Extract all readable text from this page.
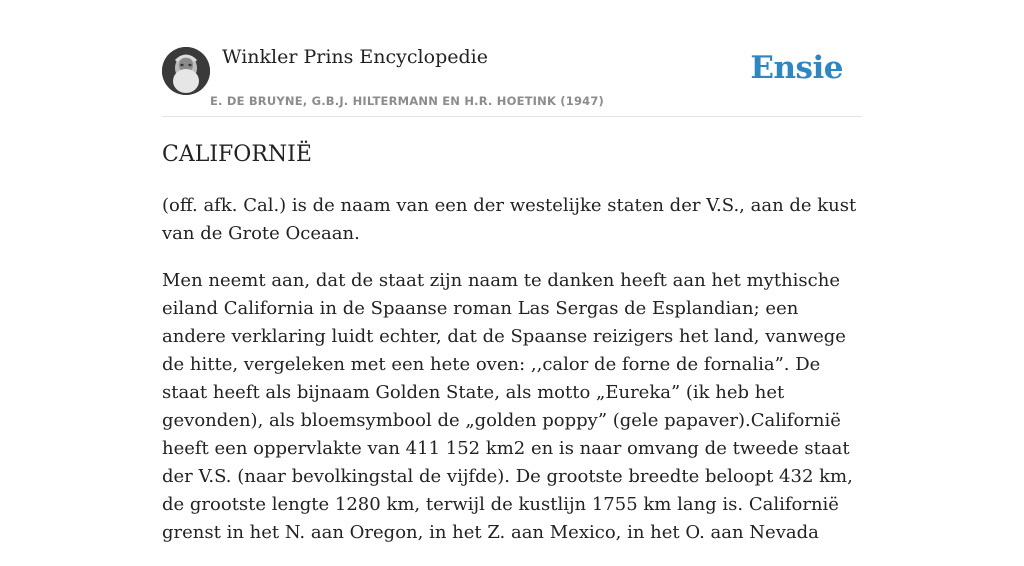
Winkler Prins Encyclopedie
E. DE BRUYNE, G.B.J. HILTERMANN EN H.R. HOETINK (1947)
Ensie
CALIFORNIË

(off. afk. Cal.) is de naam van een der westelijke staten der V.S., aan de kust van de Grote Oceaan.

Men neemt aan, dat de staat zijn naam te danken heeft aan het mythische eiland California in de Spaanse roman Las Sergas de Esplandian; een andere verklaring luidt echter, dat de Spaanse reizigers het land, vanwege de hitte, vergeleken met een hete oven: ,,calor de forne de fornalia”. De staat heeft als bijnaam Golden State, als motto „Eureka” (ik heb het gevonden), als bloemsymbool de „golden poppy” (gele papaver).Californië heeft een oppervlakte van 411 152 km2 en is naar omvang de tweede staat der V.S. (naar bevolkingstal de vijfde). De grootste breedte beloopt 432 km, de grootste lengte 1280 km, terwijl de kustlijn 1755 km lang is. Californië grenst in het N. aan Oregon, in het Z. aan Mexico, in het O. aan Nevada
